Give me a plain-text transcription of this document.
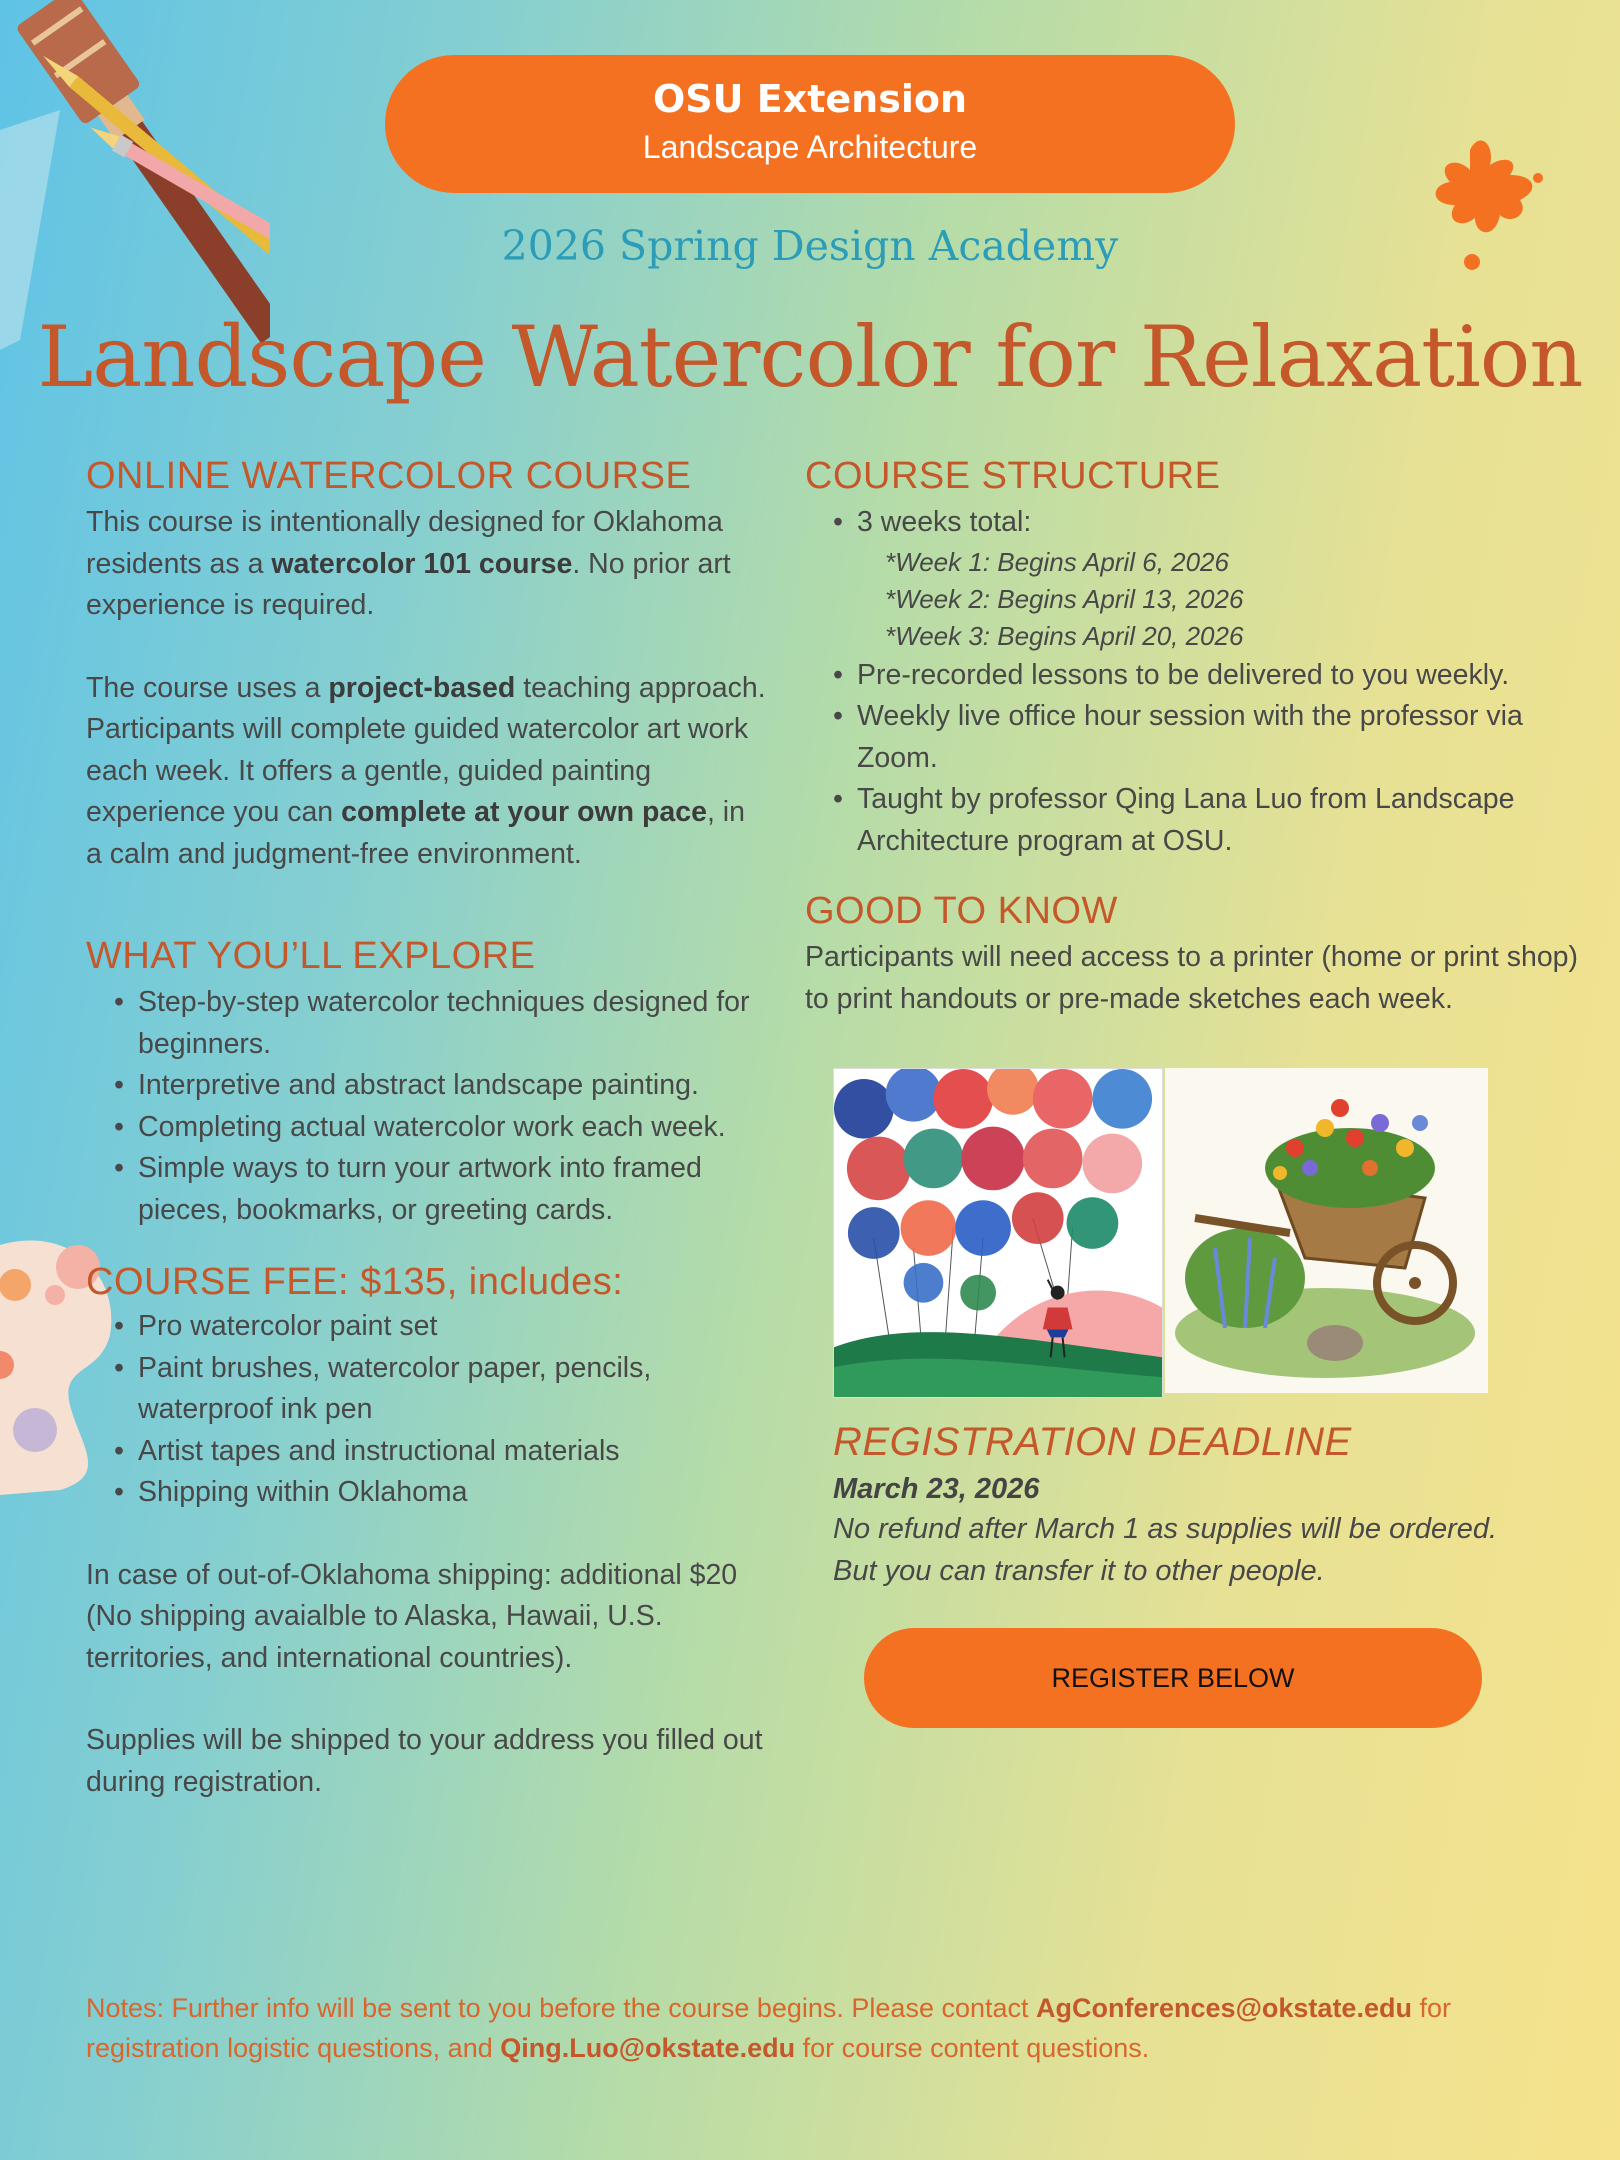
OSU Extension
Landscape Architecture
2026 Spring Design Academy
Landscape Watercolor for Relaxation
ONLINE WATERCOLOR COURSE

This course is intentionally designed for Oklahoma residents as a watercolor 101 course. No prior art experience is required.

The course uses a project-based teaching approach. Participants will complete guided watercolor art work each week. It offers a gentle, guided painting experience you can complete at your own pace, in a calm and judgment-free environment.

WHAT YOU’LL EXPLORE
• Step-by-step watercolor techniques designed for beginners.
• Interpretive and abstract landscape painting.
• Completing actual watercolor work each week.
• Simple ways to turn your artwork into framed pieces, bookmarks, or greeting cards.
COURSE FEE: $135, includes:
• Pro watercolor paint set
• Paint brushes, watercolor paper, pencils, waterproof ink pen
• Artist tapes and instructional materials
• Shipping within Oklahoma

In case of out-of-Oklahoma shipping: additional $20 (No shipping avaialble to Alaska, Hawaii, U.S. territories, and international countries).

Supplies will be shipped to your address you filled out during registration.

COURSE STRUCTURE
• 3 weeks total:
*Week 1: Begins April 6, 2026
*Week 2: Begins April 13, 2026
*Week 3: Begins April 20, 2026
• Pre-recorded lessons to be delivered to you weekly.
• Weekly live office hour session with the professor via Zoom.
• Taught by professor Qing Lana Luo from Landscape Architecture program at OSU.
GOOD TO KNOW

Participants will need access to a printer (home or print shop) to print handouts or pre-made sketches each week.

REGISTRATION DEADLINE
March 23, 2026
No refund after March 1 as supplies will be ordered.
But you can transfer it to other people.
REGISTER BELOW

Notes: Further info will be sent to you before the course begins. Please contact AgConferences@okstate.edu for registration logistic questions, and Qing.Luo@okstate.edu for course content questions.
